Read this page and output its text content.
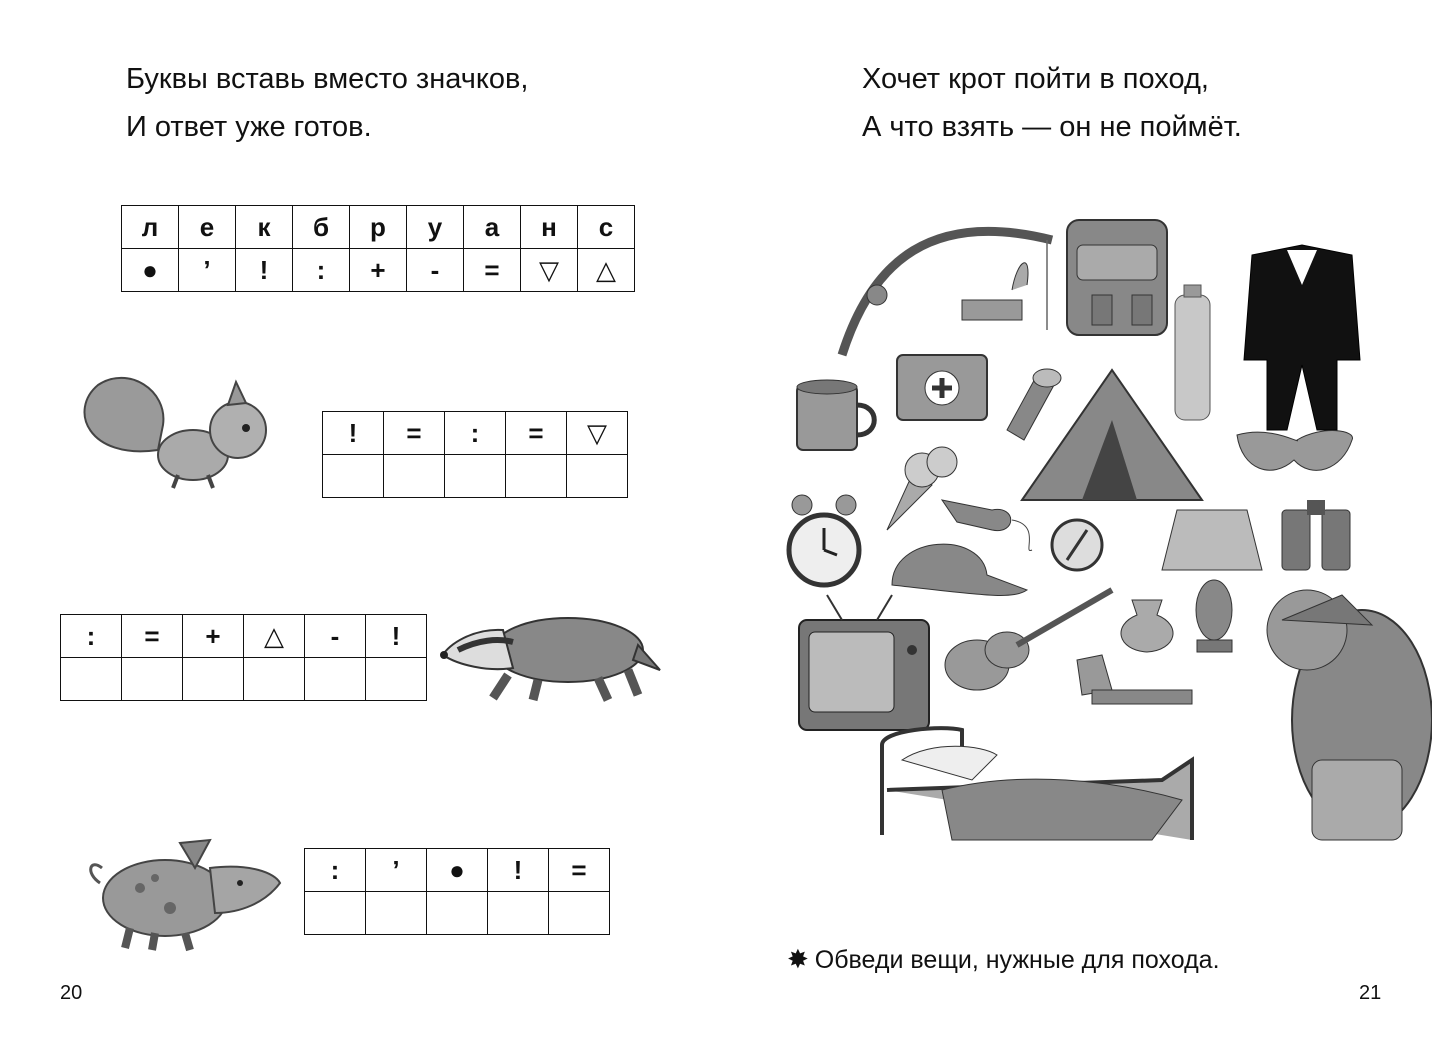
Буквы вставь вместо значков,
И ответ уже готов.
л	е	к	б	р	у	а	н	с
●	’	!	:	+	-	=	▽	△
!	=	:	=	▽

:	=	+	△	-	!

:	’	●	!	=

20
Хочет крот пойти в поход,
А что взять — он не поймёт.
✸ Обведи вещи, нужные для похода.
21
